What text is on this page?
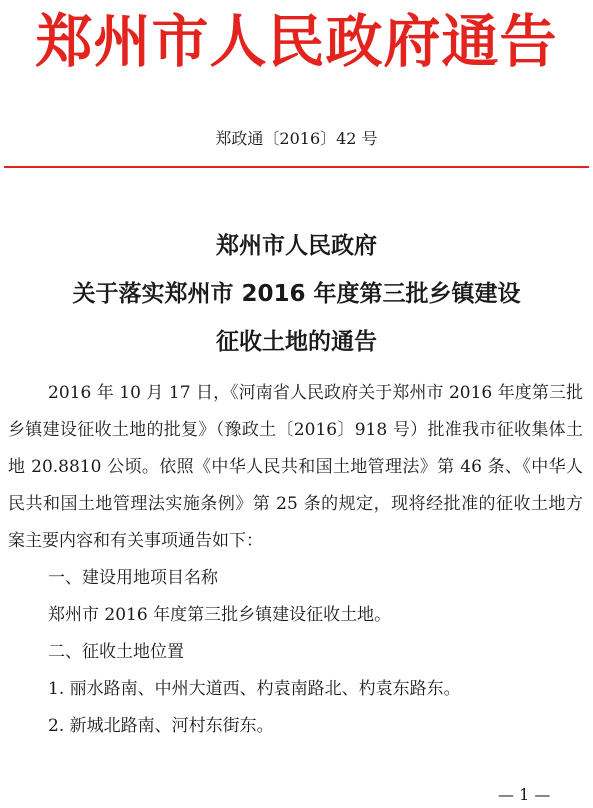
郑州市人民政府通告
郑政通〔2016〕42 号
郑州市人民政府
关于落实郑州市 2016 年度第三批乡镇建设
征收土地的通告

2016 年 10 月 17 日，《河南省人民政府关于郑州市 2016 年度第三批乡镇建设征收土地的批复》（豫政土〔2016〕918 号）批准我市征收集体土地 20.8810 公顷。依照《中华人民共和国土地管理法》第 46 条、《中华人民共和国土地管理法实施条例》第 25 条的规定，现将经批准的征收土地方案主要内容和有关事项通告如下：

一、建设用地项目名称

郑州市 2016 年度第三批乡镇建设征收土地。

二、征收土地位置

1. 丽水路南、中州大道西、杓袁南路北、杓袁东路东。

2. 新城北路南、河村东街东。

— 1 —
